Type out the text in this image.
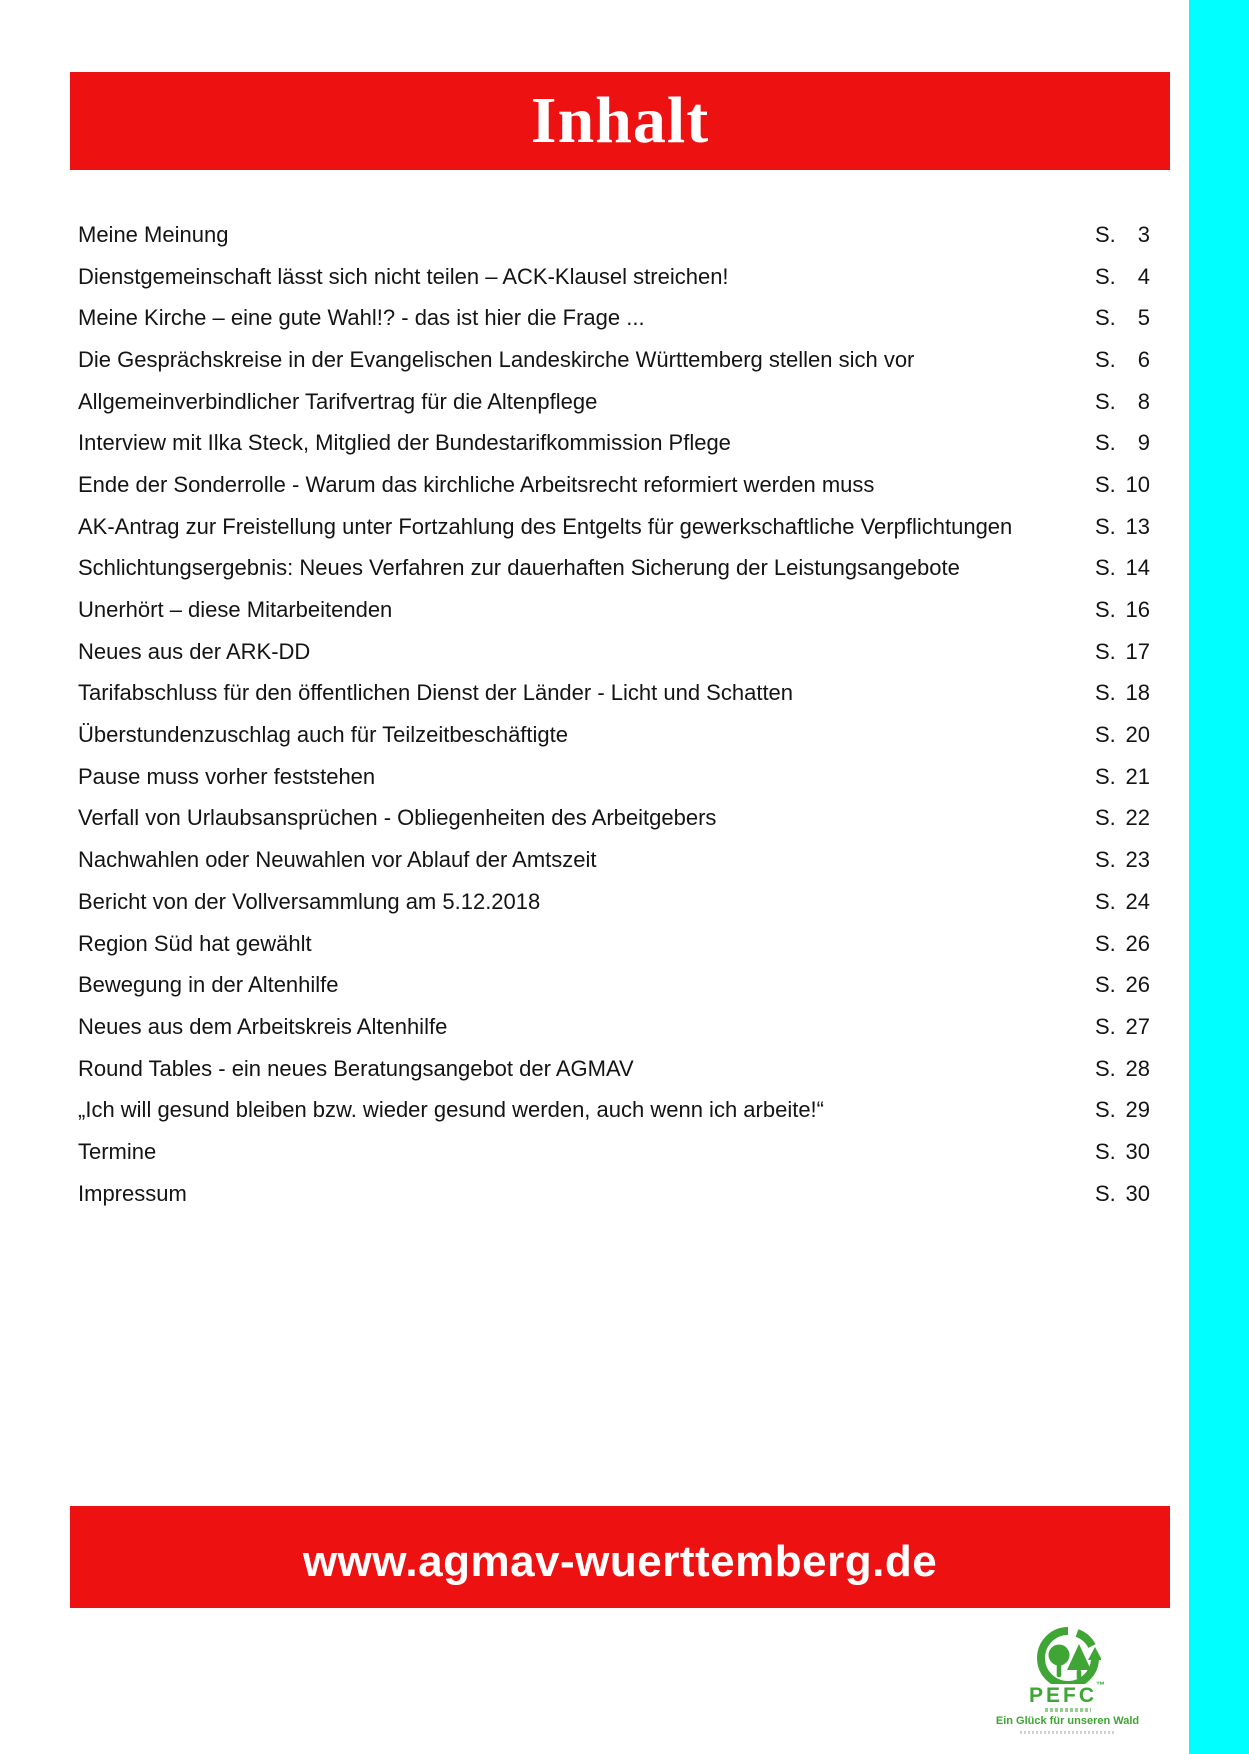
Inhalt
Meine Meinung	S. 3
Dienstgemeinschaft lässt sich nicht teilen – ACK-Klausel streichen!	S. 4
Meine Kirche – eine gute Wahl!? - das ist hier die Frage ...	S. 5
Die Gesprächskreise in der Evangelischen Landeskirche Württemberg stellen sich vor	S. 6
Allgemeinverbindlicher Tarifvertrag für die Altenpflege	S. 8
Interview mit Ilka Steck, Mitglied der Bundestarifkommission Pflege	S. 9
Ende der Sonderrolle - Warum das kirchliche Arbeitsrecht reformiert werden muss	S. 10
AK-Antrag zur Freistellung unter Fortzahlung des Entgelts für gewerkschaftliche Verpflichtungen	S. 13
Schlichtungsergebnis: Neues Verfahren zur dauerhaften Sicherung der Leistungsangebote	S. 14
Unerhört – diese Mitarbeitenden	S. 16
Neues aus der ARK-DD	S. 17
Tarifabschluss für den öffentlichen Dienst der Länder - Licht und Schatten	S. 18
Überstundenzuschlag auch für Teilzeitbeschäftigte	S. 20
Pause muss vorher feststehen	S. 21
Verfall von Urlaubsansprüchen - Obliegenheiten des Arbeitgebers	S. 22
Nachwahlen oder Neuwahlen vor Ablauf der Amtszeit	S. 23
Bericht von der Vollversammlung am 5.12.2018	S. 24
Region Süd hat gewählt	S. 26
Bewegung in der Altenhilfe	S. 26
Neues aus dem Arbeitskreis Altenhilfe	S. 27
Round Tables - ein neues Beratungsangebot der AGMAV	S. 28
„Ich will gesund bleiben bzw. wieder gesund werden, auch wenn ich arbeite!“	S. 29
Termine	S. 30
Impressum	S. 30
www.agmav-wuerttemberg.de
PEFC™
Ein Glück für unseren Wald
